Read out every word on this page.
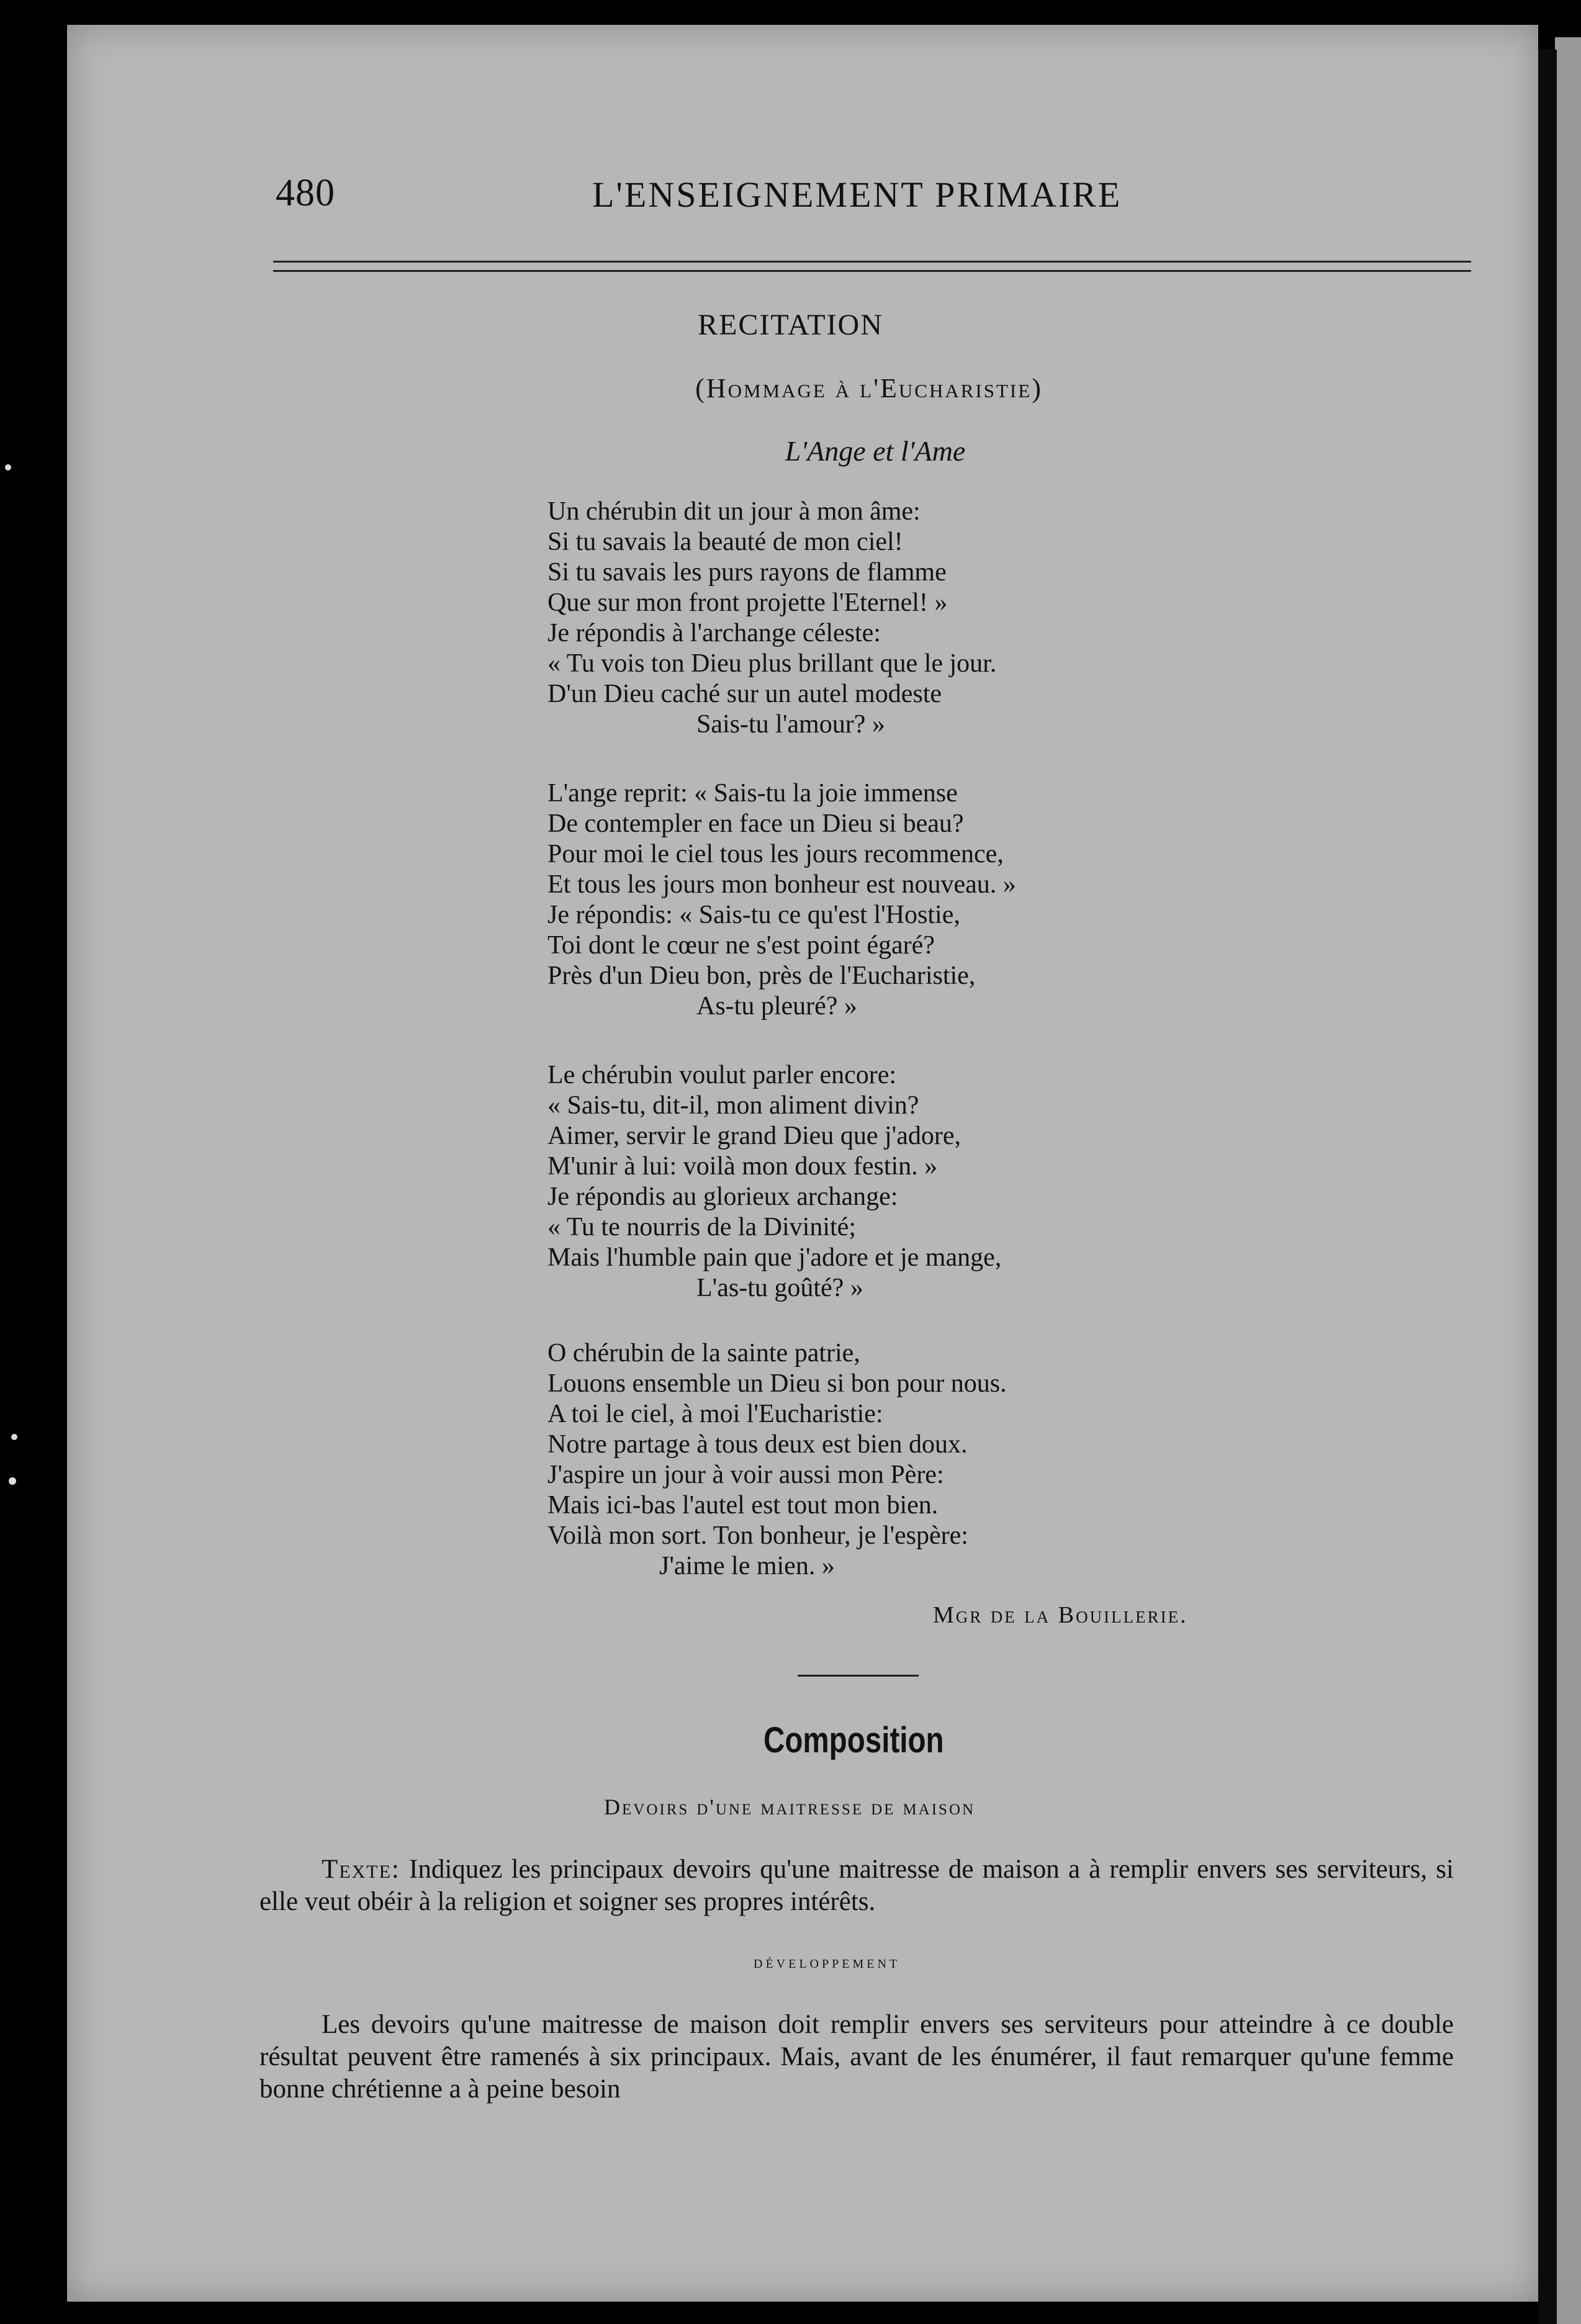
480	L'ENSEIGNEMENT PRIMAIRE
RECITATION
(Hommage à l'Eucharistie)
L'Ange et l'Ame
Un chérubin dit un jour à mon âme:
Si tu savais la beauté de mon ciel!
Si tu savais les purs rayons de flamme
Que sur mon front projette l'Eternel! »
Je répondis à l'archange céleste:
« Tu vois ton Dieu plus brillant que le jour.
D'un Dieu caché sur un autel modeste
Sais-tu l'amour? »
L'ange reprit: « Sais-tu la joie immense
De contempler en face un Dieu si beau?
Pour moi le ciel tous les jours recommence,
Et tous les jours mon bonheur est nouveau. »
Je répondis: « Sais-tu ce qu'est l'Hostie,
Toi dont le cœur ne s'est point égaré?
Près d'un Dieu bon, près de l'Eucharistie,
As-tu pleuré? »
Le chérubin voulut parler encore:
« Sais-tu, dit-il, mon aliment divin?
Aimer, servir le grand Dieu que j'adore,
M'unir à lui: voilà mon doux festin. »
Je répondis au glorieux archange:
« Tu te nourris de la Divinité;
Mais l'humble pain que j'adore et je mange,
L'as-tu goûté? »
O chérubin de la sainte patrie,
Louons ensemble un Dieu si bon pour nous.
A toi le ciel, à moi l'Eucharistie:
Notre partage à tous deux est bien doux.
J'aspire un jour à voir aussi mon Père:
Mais ici-bas l'autel est tout mon bien.
Voilà mon sort. Ton bonheur, je l'espère:
J'aime le mien. »
Mgr de la Bouillerie.
Composition
Devoirs d'une maitresse de maison
Texte: Indiquez les principaux devoirs qu'une maitresse de maison a à remplir envers ses serviteurs, si elle veut obéir à la religion et soigner ses propres intérêts.
développement
Les devoirs qu'une maitresse de maison doit remplir envers ses serviteurs pour atteindre à ce double résultat peuvent être ramenés à six principaux. Mais, avant de les énumérer, il faut remarquer qu'une femme bonne chrétienne a à peine besoin
